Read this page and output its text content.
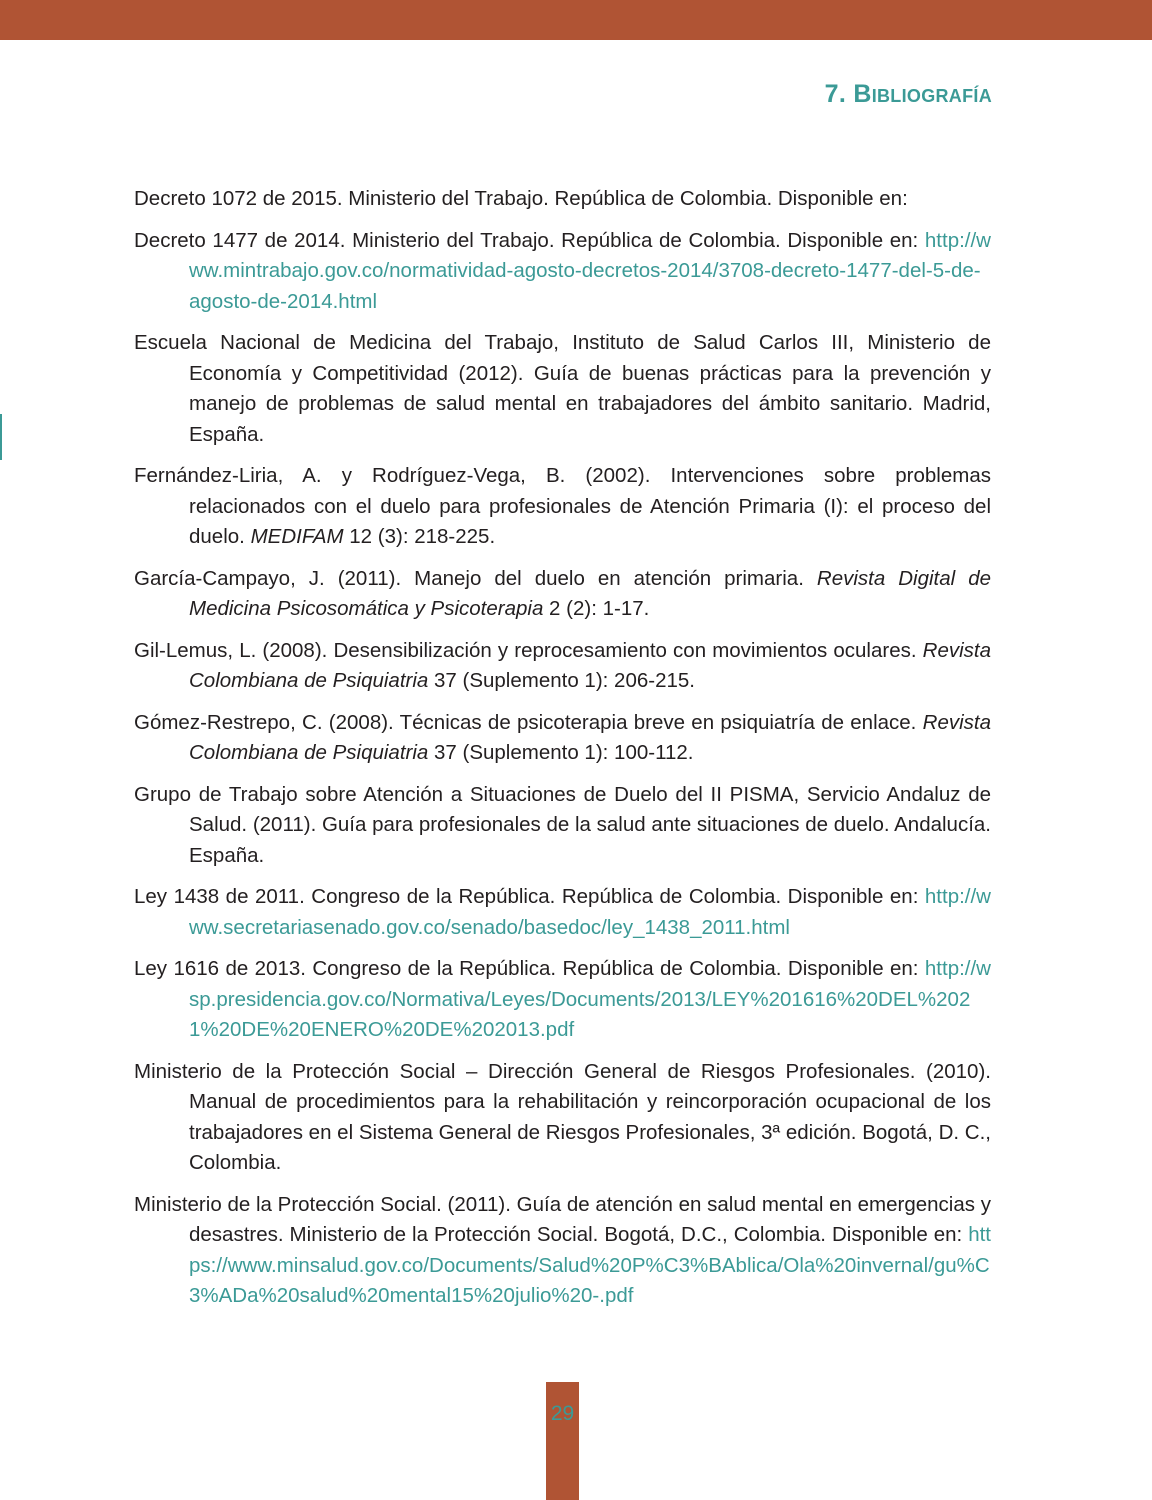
7. Bibliografía

Decreto 1072 de 2015. Ministerio del Trabajo. República de Colombia. Disponible en:

Decreto 1477 de 2014. Ministerio del Trabajo. República de Colombia. Disponible en: http://www.mintrabajo.gov.co/normatividad-agosto-decretos-2014/3708-decreto-1477-del-5-de-agosto-de-2014.html

Escuela Nacional de Medicina del Trabajo, Instituto de Salud Carlos III, Ministerio de Economía y Competitividad (2012). Guía de buenas prácticas para la prevención y manejo de problemas de salud mental en trabajadores del ámbito sanitario. Madrid, España.

Fernández-Liria, A. y Rodríguez-Vega, B. (2002). Intervenciones sobre problemas relacionados con el duelo para profesionales de Atención Primaria (I): el proceso del duelo. MEDIFAM 12 (3): 218-225.

García-Campayo, J. (2011). Manejo del duelo en atención primaria. Revista Digital de Medicina Psicosomática y Psicoterapia 2 (2): 1-17.

Gil-Lemus, L. (2008). Desensibilización y reprocesamiento con movimientos oculares. Revista Colombiana de Psiquiatria 37 (Suplemento 1): 206-215.

Gómez-Restrepo, C. (2008). Técnicas de psicoterapia breve en psiquiatría de enlace. Revista Colombiana de Psiquiatria 37 (Suplemento 1): 100-112.

Grupo de Trabajo sobre Atención a Situaciones de Duelo del II PISMA, Servicio Andaluz de Salud. (2011). Guía para profesionales de la salud ante situaciones de duelo. Andalucía. España.

Ley 1438 de 2011. Congreso de la República. República de Colombia. Disponible en: http://www.secretariasenado.gov.co/senado/basedoc/ley_1438_2011.html

Ley 1616 de 2013. Congreso de la República. República de Colombia. Disponible en: http://wsp.presidencia.gov.co/Normativa/Leyes/Documents/2013/LEY%201616%20DEL%2021%20DE%20ENERO%20DE%202013.pdf

Ministerio de la Protección Social – Dirección General de Riesgos Profesionales. (2010). Manual de procedimientos para la rehabilitación y reincorporación ocupacional de los trabajadores en el Sistema General de Riesgos Profesionales, 3ª edición. Bogotá, D. C., Colombia.

Ministerio de la Protección Social. (2011). Guía de atención en salud mental en emergencias y desastres. Ministerio de la Protección Social. Bogotá, D.C., Colombia. Disponible en: https://www.minsalud.gov.co/Documents/Salud%20P%C3%BAblica/Ola%20invernal/gu%C3%ADa%20salud%20mental15%20julio%20-.pdf

29
